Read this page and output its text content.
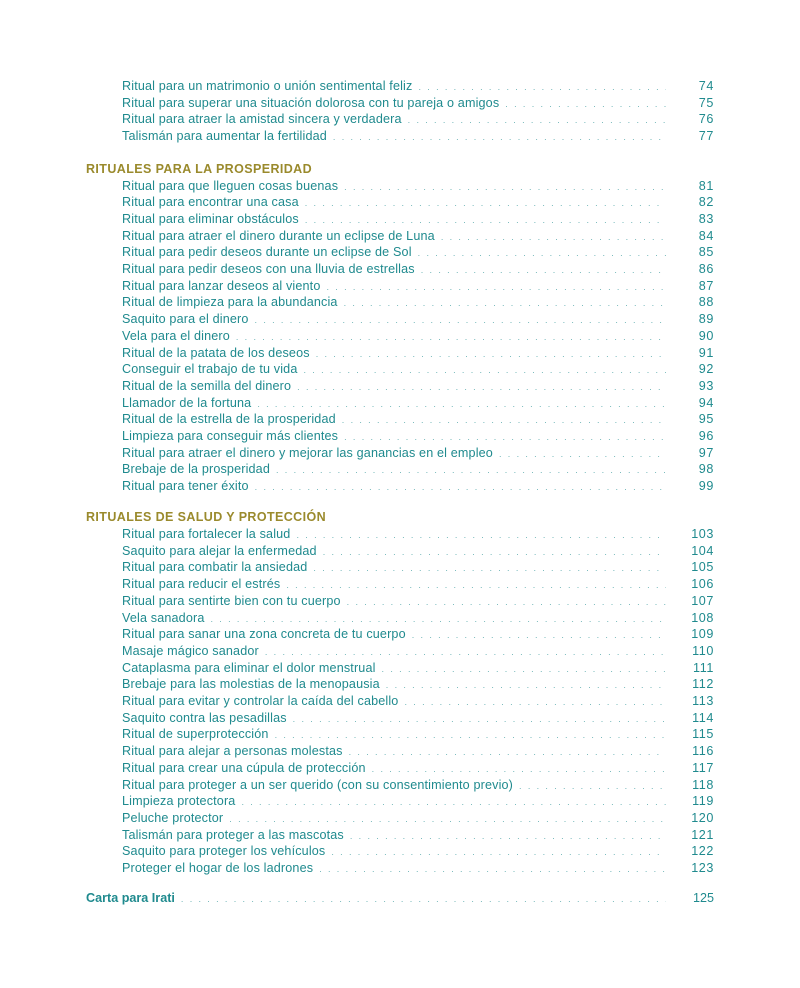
Ritual para un matrimonio o unión sentimental feliz . . .	74
Ritual para superar una situación dolorosa con tu pareja o amigos . . .	75
Ritual para atraer la amistad sincera y verdadera . . .	76
Talismán para aumentar la fertilidad . . .	77
RITUALES PARA LA PROSPERIDAD
Ritual para que lleguen cosas buenas . . .	81
Ritual para encontrar una casa . . .	82
Ritual para eliminar obstáculos . . .	83
Ritual para atraer el dinero durante un eclipse de Luna . . .	84
Ritual para pedir deseos durante un eclipse de Sol . . .	85
Ritual para pedir deseos con una lluvia de estrellas . . .	86
Ritual para lanzar deseos al viento . . .	87
Ritual de limpieza para la abundancia . . .	88
Saquito para el dinero . . .	89
Vela para el dinero . . .	90
Ritual de la patata de los deseos . . .	91
Conseguir el trabajo de tu vida . . .	92
Ritual de la semilla del dinero . . .	93
Llamador de la fortuna . . .	94
Ritual de la estrella de la prosperidad . . .	95
Limpieza para conseguir más clientes . . .	96
Ritual para atraer el dinero y mejorar las ganancias en el empleo . . .	97
Brebaje de la prosperidad . . .	98
Ritual para tener éxito . . .	99
RITUALES DE SALUD Y PROTECCIÓN
Ritual para fortalecer la salud . . .	103
Saquito para alejar la enfermedad . . .	104
Ritual para combatir la ansiedad . . .	105
Ritual para reducir el estrés . . .	106
Ritual para sentirte bien con tu cuerpo . . .	107
Vela sanadora . . .	108
Ritual para sanar una zona concreta de tu cuerpo . . .	109
Masaje mágico sanador . . .	110
Cataplasma para eliminar el dolor menstrual . . .	111
Brebaje para las molestias de la menopausia . . .	112
Ritual para evitar y controlar la caída del cabello . . .	113
Saquito contra las pesadillas . . .	114
Ritual de superprotección . . .	115
Ritual para alejar a personas molestas . . .	116
Ritual para crear una cúpula de protección . . .	117
Ritual para proteger a un ser querido (con su consentimiento previo) . . .	118
Limpieza protectora . . .	119
Peluche protector . . .	120
Talismán para proteger a las mascotas . . .	121
Saquito para proteger los vehículos . . .	122
Proteger el hogar de los ladrones . . .	123
Carta para Irati . . .	125
